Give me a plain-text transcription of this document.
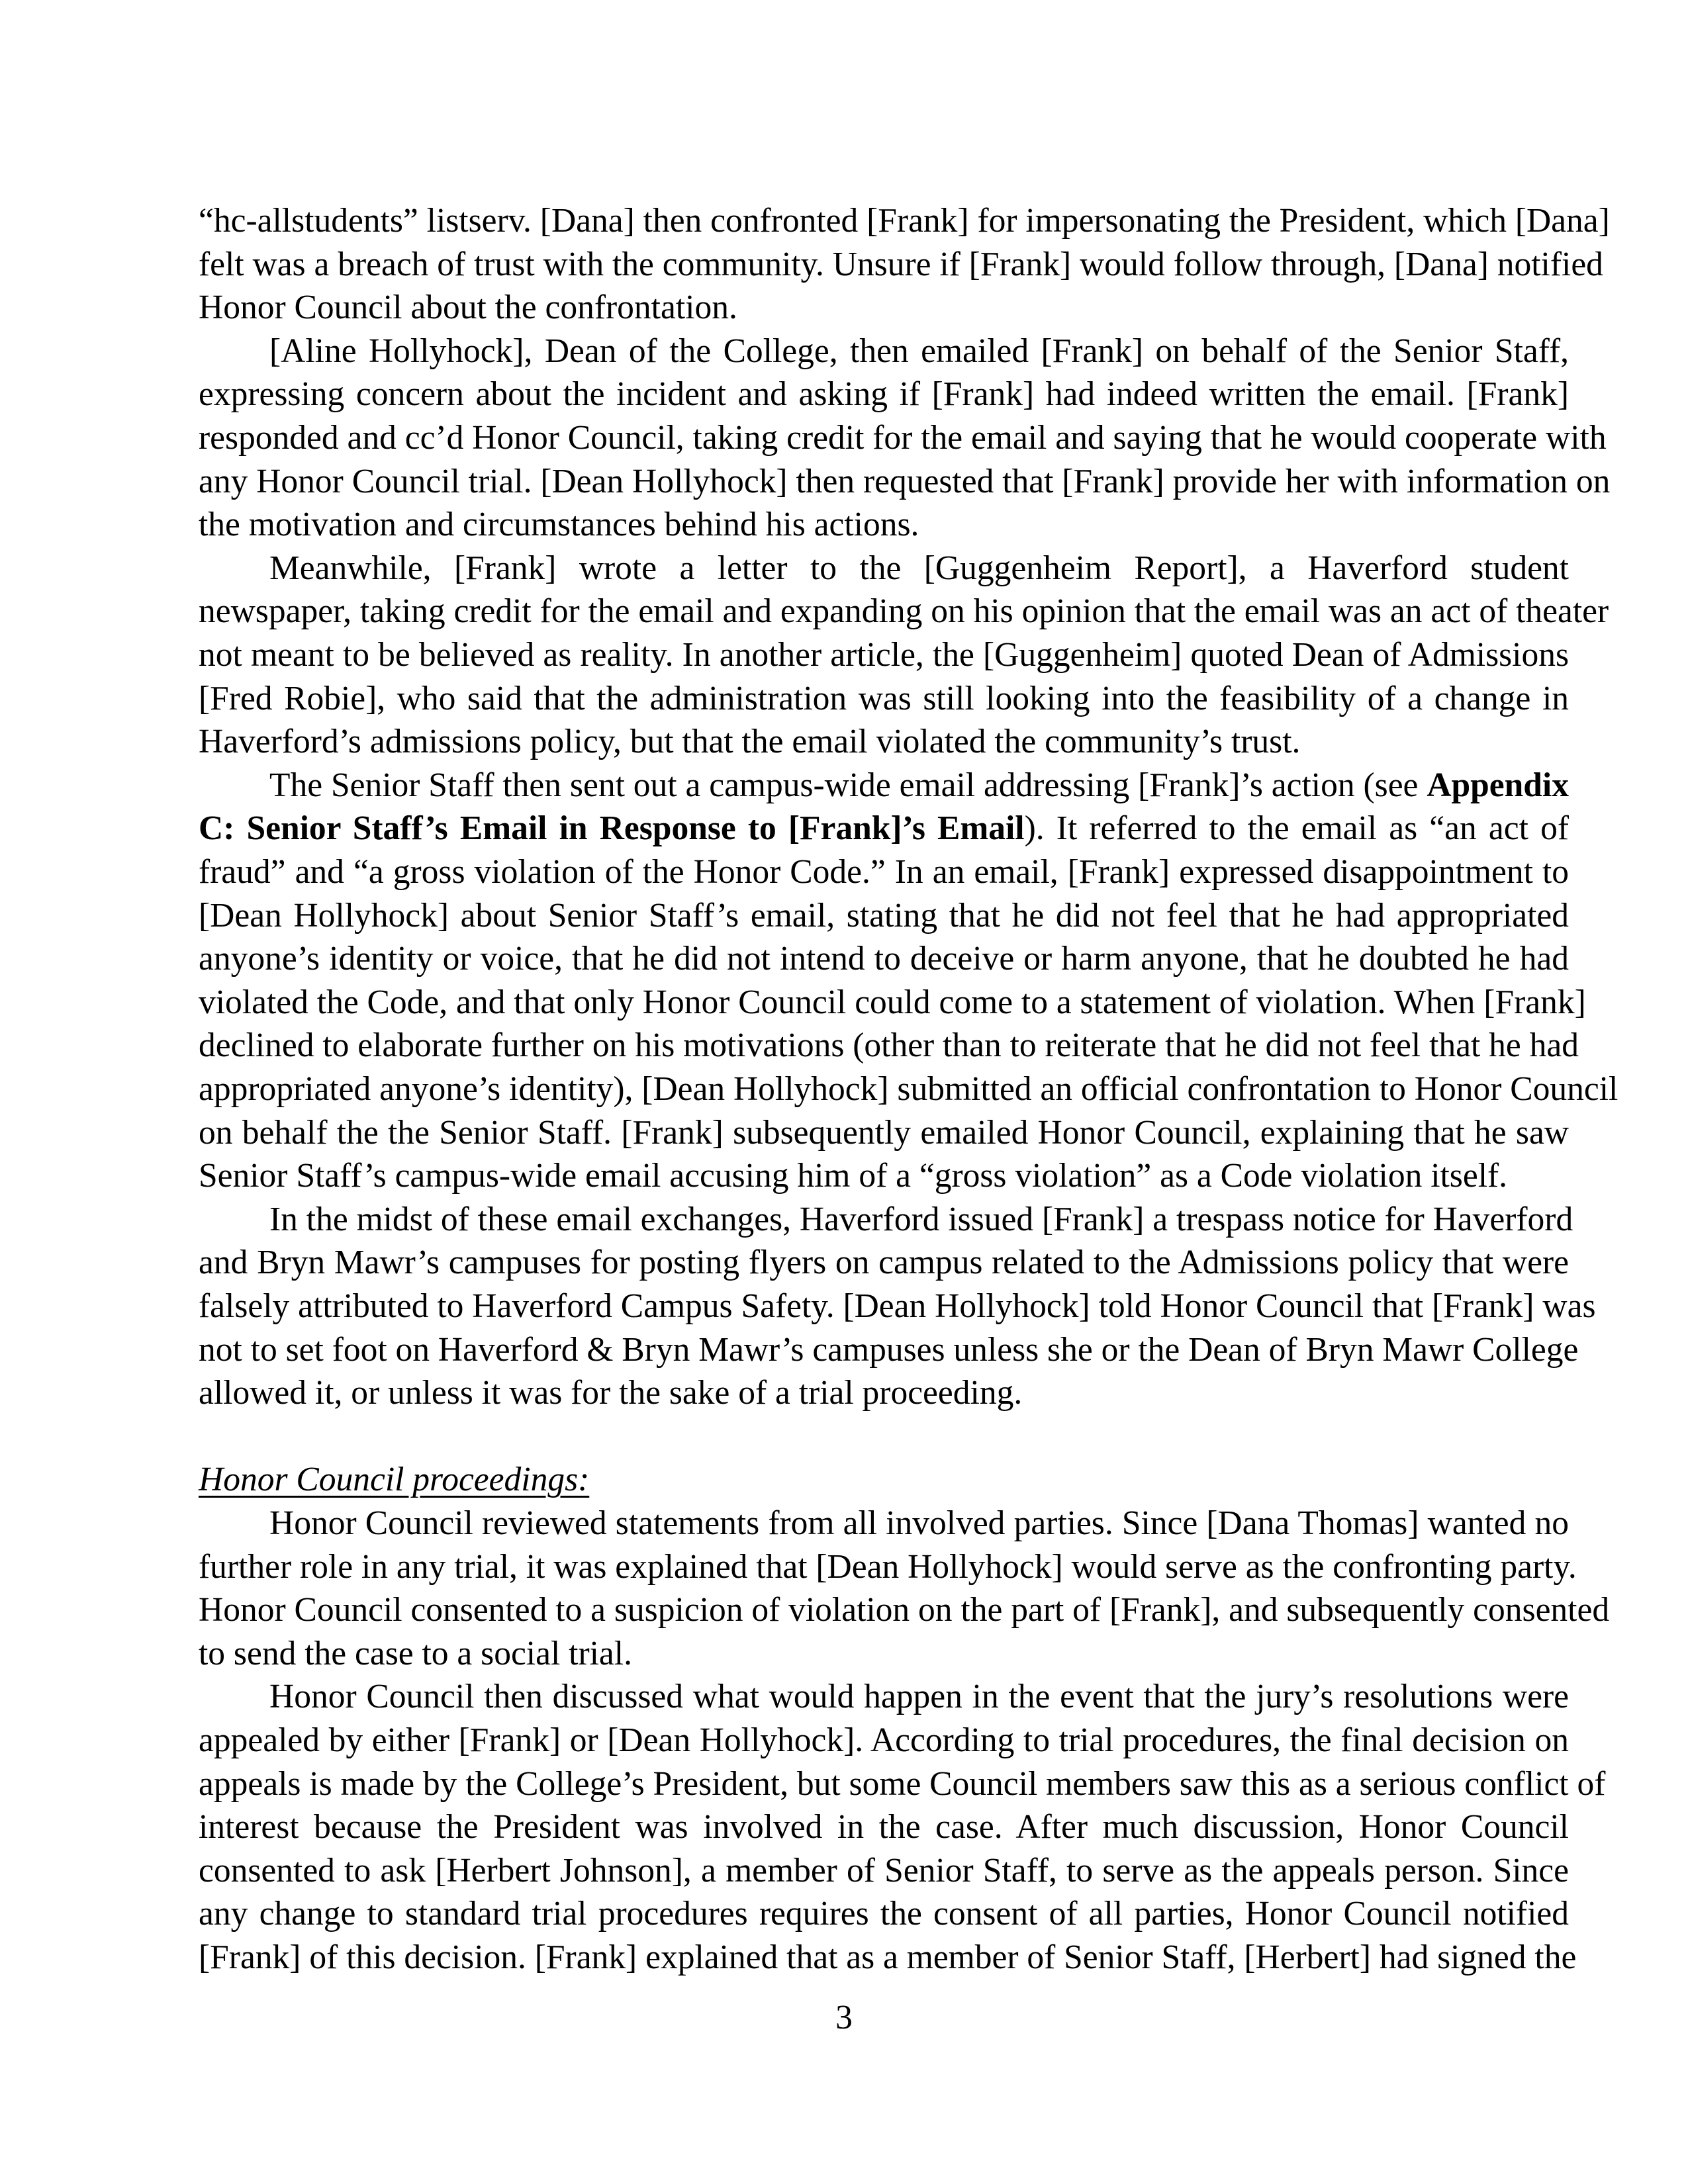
“hc-allstudents” listserv. [Dana] then confronted [Frank] for impersonating the President, which [Dana]
felt was a breach of trust with the community. Unsure if [Frank] would follow through, [Dana] notified
Honor Council about the confrontation.
[Aline Hollyhock], Dean of the College, then emailed [Frank] on behalf of the Senior Staff,
expressing concern about the incident and asking if [Frank] had indeed written the email. [Frank]
responded and cc’d Honor Council, taking credit for the email and saying that he would cooperate with
any Honor Council trial. [Dean Hollyhock] then requested that [Frank] provide her with information on
the motivation and circumstances behind his actions.
Meanwhile, [Frank] wrote a letter to the [Guggenheim Report], a Haverford student
newspaper, taking credit for the email and expanding on his opinion that the email was an act of theater
not meant to be believed as reality. In another article, the [Guggenheim] quoted Dean of Admissions
[Fred Robie], who said that the administration was still looking into the feasibility of a change in
Haverford’s admissions policy, but that the email violated the community’s trust.
The Senior Staff then sent out a campus-wide email addressing [Frank]’s action (see Appendix
C: Senior Staff’s Email in Response to [Frank]’s Email). It referred to the email as “an act of
fraud” and “a gross violation of the Honor Code.” In an email, [Frank] expressed disappointment to
[Dean Hollyhock] about Senior Staff’s email, stating that he did not feel that he had appropriated
anyone’s identity or voice, that he did not intend to deceive or harm anyone, that he doubted he had
violated the Code, and that only Honor Council could come to a statement of violation. When [Frank]
declined to elaborate further on his motivations (other than to reiterate that he did not feel that he had
appropriated anyone’s identity), [Dean Hollyhock] submitted an official confrontation to Honor Council
on behalf the the Senior Staff. [Frank] subsequently emailed Honor Council, explaining that he saw
Senior Staff’s campus-wide email accusing him of a “gross violation” as a Code violation itself.
In the midst of these email exchanges, Haverford issued [Frank] a trespass notice for Haverford
and Bryn Mawr’s campuses for posting flyers on campus related to the Admissions policy that were
falsely attributed to Haverford Campus Safety. [Dean Hollyhock] told Honor Council that [Frank] was
not to set foot on Haverford & Bryn Mawr’s campuses unless she or the Dean of Bryn Mawr College
allowed it, or unless it was for the sake of a trial proceeding.
Honor Council proceedings:
Honor Council reviewed statements from all involved parties. Since [Dana Thomas] wanted no
further role in any trial, it was explained that [Dean Hollyhock] would serve as the confronting party.
Honor Council consented to a suspicion of violation on the part of [Frank], and subsequently consented
to send the case to a social trial.
Honor Council then discussed what would happen in the event that the jury’s resolutions were
appealed by either [Frank] or [Dean Hollyhock]. According to trial procedures, the final decision on
appeals is made by the College’s President, but some Council members saw this as a serious conflict of
interest because the President was involved in the case. After much discussion, Honor Council
consented to ask [Herbert Johnson], a member of Senior Staff, to serve as the appeals person. Since
any change to standard trial procedures requires the consent of all parties, Honor Council notified
[Frank] of this decision. [Frank] explained that as a member of Senior Staff, [Herbert] had signed the
3
